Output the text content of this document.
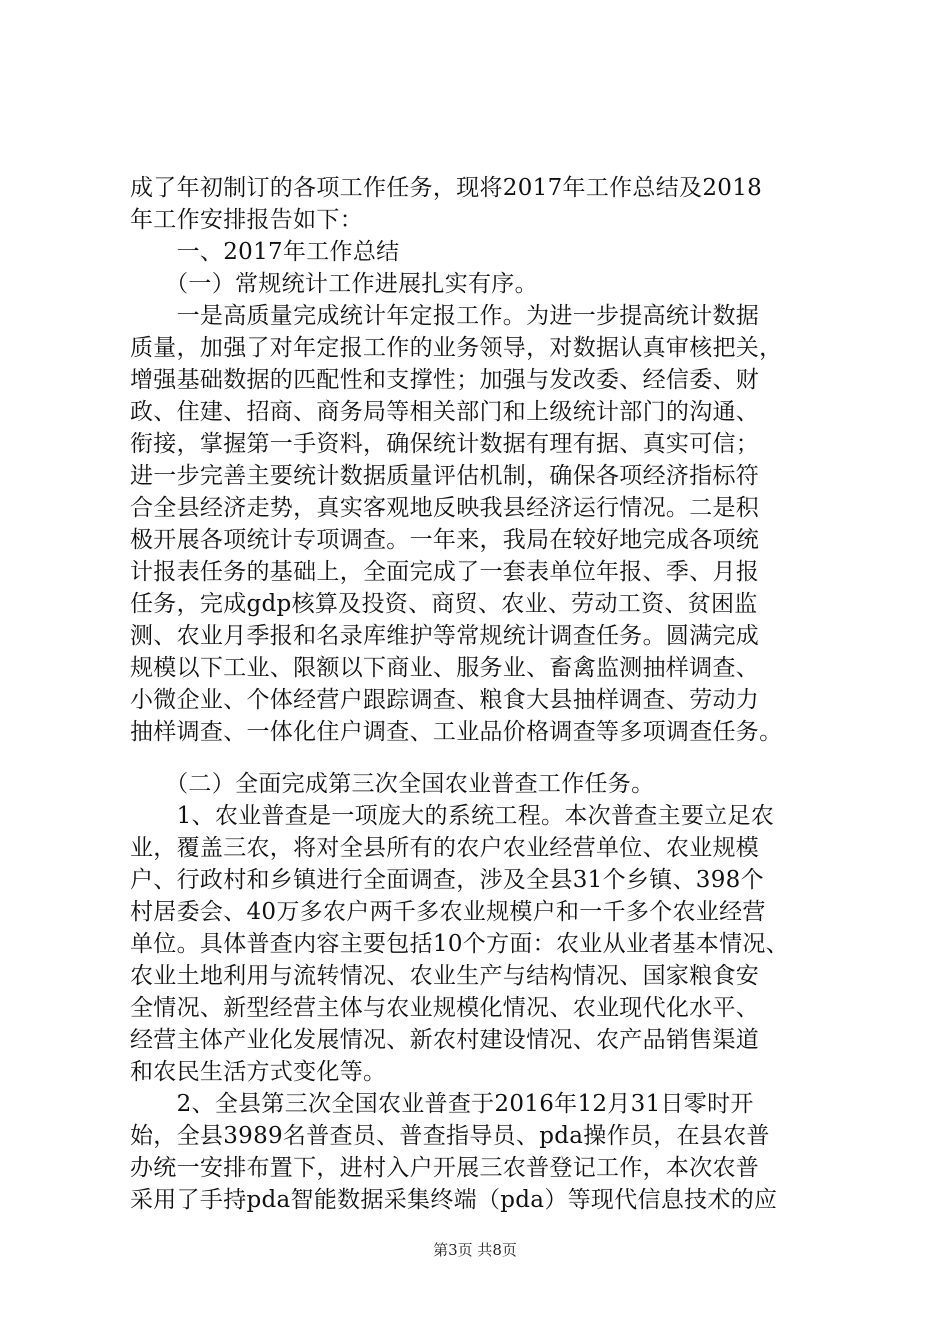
成了年初制订的各项工作任务，现将2017年工作总结及2018
年工作安排报告如下：
　　一、2017年工作总结
　　（一）常规统计工作进展扎实有序。
　　一是高质量完成统计年定报工作。为进一步提高统计数据
质量，加强了对年定报工作的业务领导，对数据认真审核把关，
增强基础数据的匹配性和支撑性；加强与发改委、经信委、财
政、住建、招商、商务局等相关部门和上级统计部门的沟通、
衔接，掌握第一手资料，确保统计数据有理有据、真实可信；
进一步完善主要统计数据质量评估机制，确保各项经济指标符
合全县经济走势，真实客观地反映我县经济运行情况。二是积
极开展各项统计专项调查。一年来，我局在较好地完成各项统
计报表任务的基础上，全面完成了一套表单位年报、季、月报
任务，完成gdp核算及投资、商贸、农业、劳动工资、贫困监
测、农业月季报和名录库维护等常规统计调查任务。圆满完成
规模以下工业、限额以下商业、服务业、畜禽监测抽样调查、
小微企业、个体经营户跟踪调查、粮食大县抽样调查、劳动力
抽样调查、一体化住户调查、工业品价格调查等多项调查任务。
　　（二）全面完成第三次全国农业普查工作任务。
　　1、农业普查是一项庞大的系统工程。本次普查主要立足农
业，覆盖三农，将对全县所有的农户农业经营单位、农业规模
户、行政村和乡镇进行全面调查，涉及全县31个乡镇、398个
村居委会、40万多农户两千多农业规模户和一千多个农业经营
单位。具体普查内容主要包括10个方面：农业从业者基本情况、
农业土地利用与流转情况、农业生产与结构情况、国家粮食安
全情况、新型经营主体与农业规模化情况、农业现代化水平、
经营主体产业化发展情况、新农村建设情况、农产品销售渠道
和农民生活方式变化等。
　　2、全县第三次全国农业普查于2016年12月31日零时开
始，全县3989名普查员、普查指导员、pda操作员，在县农普
办统一安排布置下，进村入户开展三农普登记工作，本次农普
采用了手持pda智能数据采集终端（pda）等现代信息技术的应
第3页 共8页
